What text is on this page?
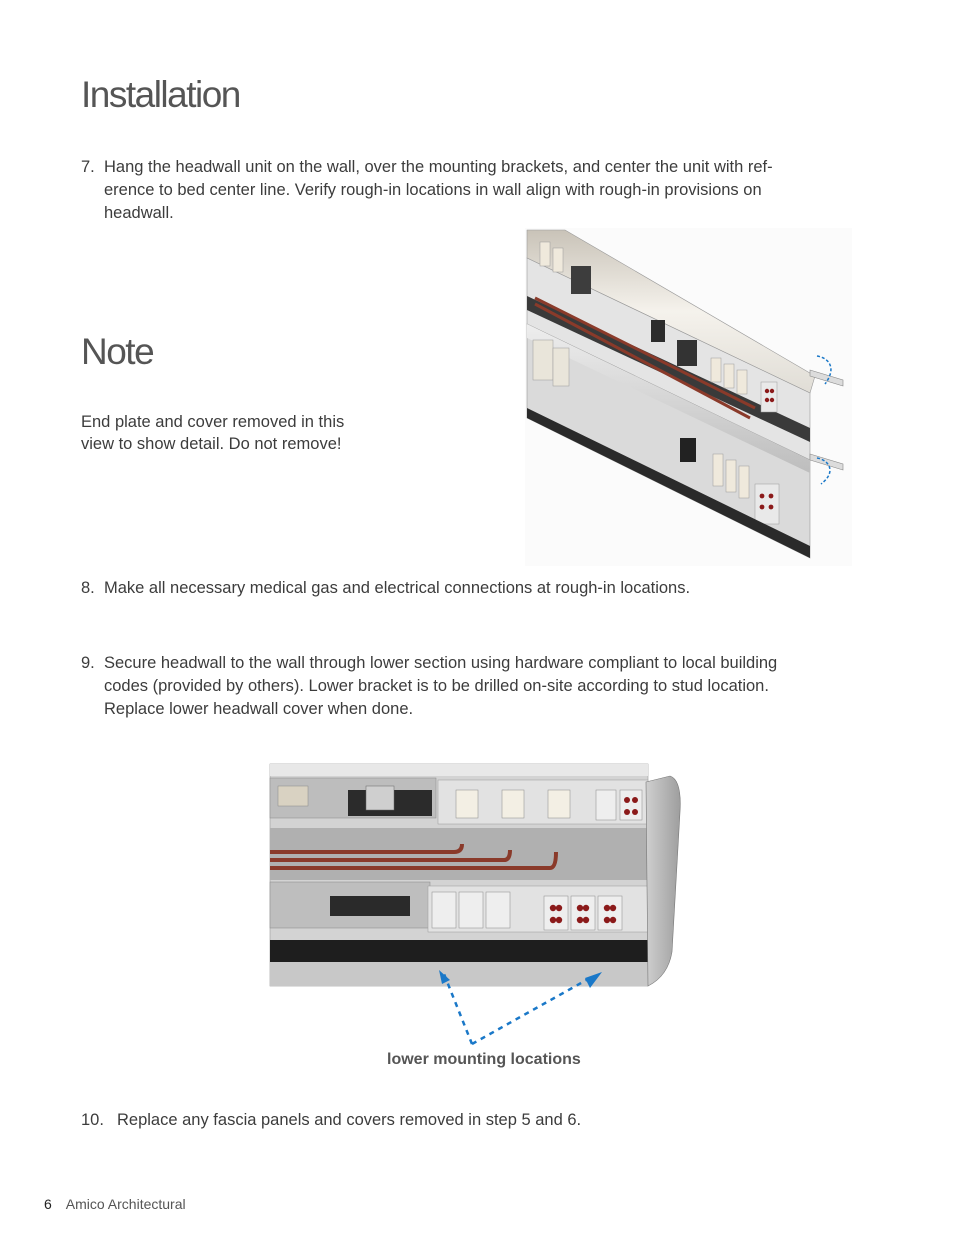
Installation
7. Hang the headwall unit on the wall, over the mounting brackets, and center the unit with ref-
erence to bed center line. Verify rough-in locations in wall align with rough-in provisions on
headwall.
Note
End plate and cover removed in this view to show detail. Do not remove!
8. Make all necessary medical gas and electrical connections at rough-in locations.
9. Secure headwall to the wall through lower section using hardware compliant to local building
codes (provided by others). Lower bracket is to be drilled on-site according to stud location.
Replace lower headwall cover when done.
lower mounting locations
10. Replace any fascia panels and covers removed in step 5 and 6.
6 Amico Architectural
